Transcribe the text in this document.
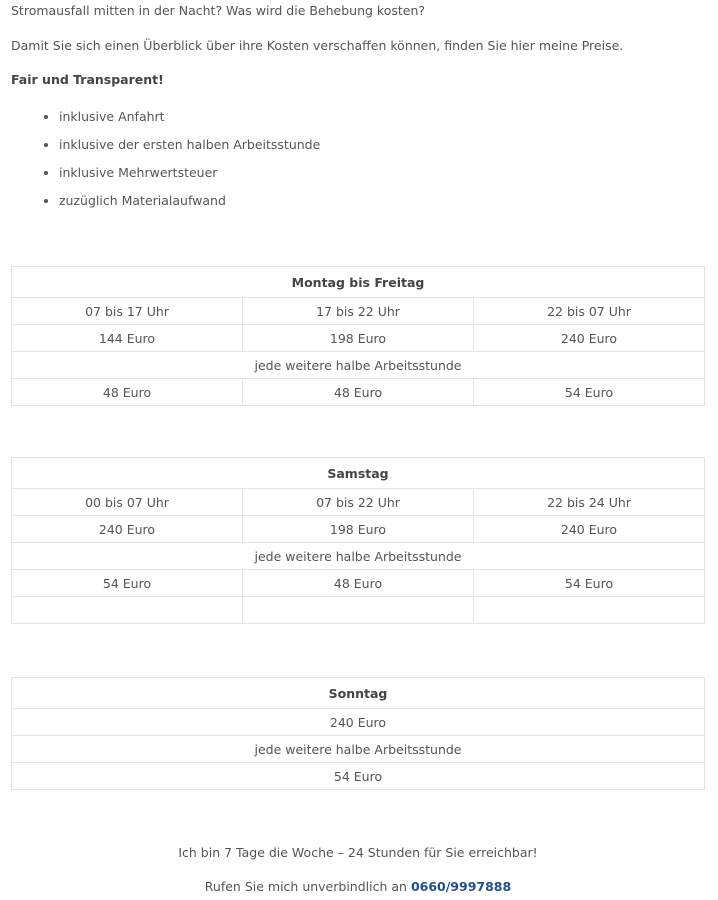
Stromausfall mitten in der Nacht? Was wird die Behebung kosten?

Damit Sie sich einen Überblick über ihre Kosten verschaffen können, finden Sie hier meine Preise.

Fair und Transparent!

• inklusive Anfahrt
• inklusive der ersten halben Arbeitsstunde
• inklusive Mehrwertsteuer
• zuzüglich Materialaufwand
Montag bis Freitag		
07 bis 17 Uhr	17 bis 22 Uhr	22 bis 07 Uhr
144 Euro	198 Euro	240 Euro
jede weitere halbe Arbeitsstunde		
48 Euro	48 Euro	54 Euro
Samstag		
00 bis 07 Uhr	07 bis 22 Uhr	22 bis 24 Uhr
240 Euro	198 Euro	240 Euro
jede weitere halbe Arbeitsstunde		
54 Euro	48 Euro	54 Euro

Sonntag
240 Euro
jede weitere halbe Arbeitsstunde
54 Euro

Ich bin 7 Tage die Woche – 24 Stunden für Sie erreichbar!

Rufen Sie mich unverbindlich an 0660/9997888
